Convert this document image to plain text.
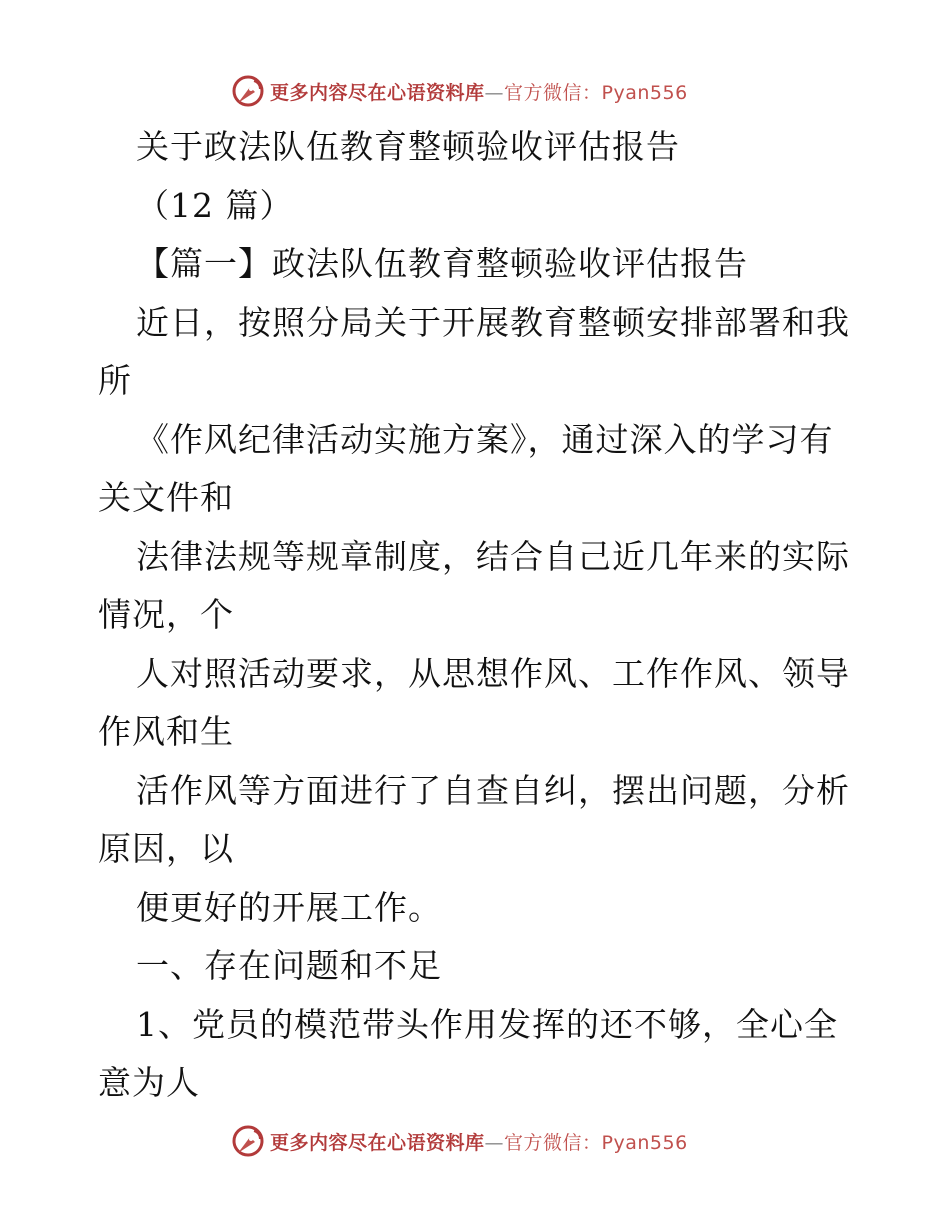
更多内容尽在心语资料库—官方微信：Pyan556
关于政法队伍教育整顿验收评估报告
（12 篇）
【篇一】政法队伍教育整顿验收评估报告
近日，按照分局关于开展教育整顿安排部署和我
所
《作风纪律活动实施方案》，通过深入的学习有
关文件和
法律法规等规章制度，结合自己近几年来的实际
情况，个
人对照活动要求，从思想作风、工作作风、领导
作风和生
活作风等方面进行了自查自纠，摆出问题，分析
原因，以
便更好的开展工作。
一、存在问题和不足
1、党员的模范带头作用发挥的还不够，全心全
意为人
更多内容尽在心语资料库—官方微信：Pyan556
